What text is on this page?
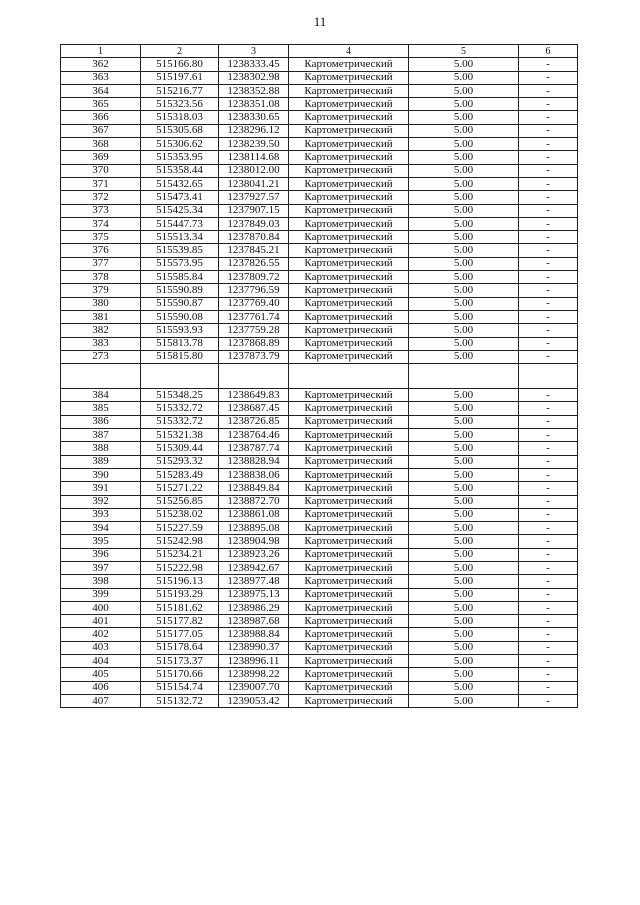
11
1	2	3	4	5	6
362	515166.80	1238333.45	Картометрический	5.00	-
363	515197.61	1238302.98	Картометрический	5.00	-
364	515216.77	1238352.88	Картометрический	5.00	-
365	515323.56	1238351.08	Картометрический	5.00	-
366	515318.03	1238330.65	Картометрический	5.00	-
367	515305.68	1238296.12	Картометрический	5.00	-
368	515306.62	1238239.50	Картометрический	5.00	-
369	515353.95	1238114.68	Картометрический	5.00	-
370	515358.44	1238012.00	Картометрический	5.00	-
371	515432.65	1238041.21	Картометрический	5.00	-
372	515473.41	1237927.57	Картометрический	5.00	-
373	515425.34	1237907.15	Картометрический	5.00	-
374	515447.73	1237849.03	Картометрический	5.00	-
375	515513.34	1237870.84	Картометрический	5.00	-
376	515539.85	1237845.21	Картометрический	5.00	-
377	515573.95	1237826.55	Картометрический	5.00	-
378	515585.84	1237809.72	Картометрический	5.00	-
379	515590.89	1237796.59	Картометрический	5.00	-
380	515590.87	1237769.40	Картометрический	5.00	-
381	515590.08	1237761.74	Картометрический	5.00	-
382	515593.93	1237759.28	Картометрический	5.00	-
383	515813.78	1237868.89	Картометрический	5.00	-
273	515815.80	1237873.79	Картометрический	5.00	-

384	515348.25	1238649.83	Картометрический	5.00	-
385	515332.72	1238687.45	Картометрический	5.00	-
386	515332.72	1238726.85	Картометрический	5.00	-
387	515321.38	1238764.46	Картометрический	5.00	-
388	515309.44	1238787.74	Картометрический	5.00	-
389	515293.32	1238828.94	Картометрический	5.00	-
390	515283.49	1238838.06	Картометрический	5.00	-
391	515271.22	1238849.84	Картометрический	5.00	-
392	515256.85	1238872.70	Картометрический	5.00	-
393	515238.02	1238861.08	Картометрический	5.00	-
394	515227.59	1238895.08	Картометрический	5.00	-
395	515242.98	1238904.98	Картометрический	5.00	-
396	515234.21	1238923.26	Картометрический	5.00	-
397	515222.98	1238942.67	Картометрический	5.00	-
398	515196.13	1238977.48	Картометрический	5.00	-
399	515193.29	1238975.13	Картометрический	5.00	-
400	515181.62	1238986.29	Картометрический	5.00	-
401	515177.82	1238987.68	Картометрический	5.00	-
402	515177.05	1238988.84	Картометрический	5.00	-
403	515178.64	1238990.37	Картометрический	5.00	-
404	515173.37	1238996.11	Картометрический	5.00	-
405	515170.66	1238998.22	Картометрический	5.00	-
406	515154.74	1239007.70	Картометрический	5.00	-
407	515132.72	1239053.42	Картометрический	5.00	-
